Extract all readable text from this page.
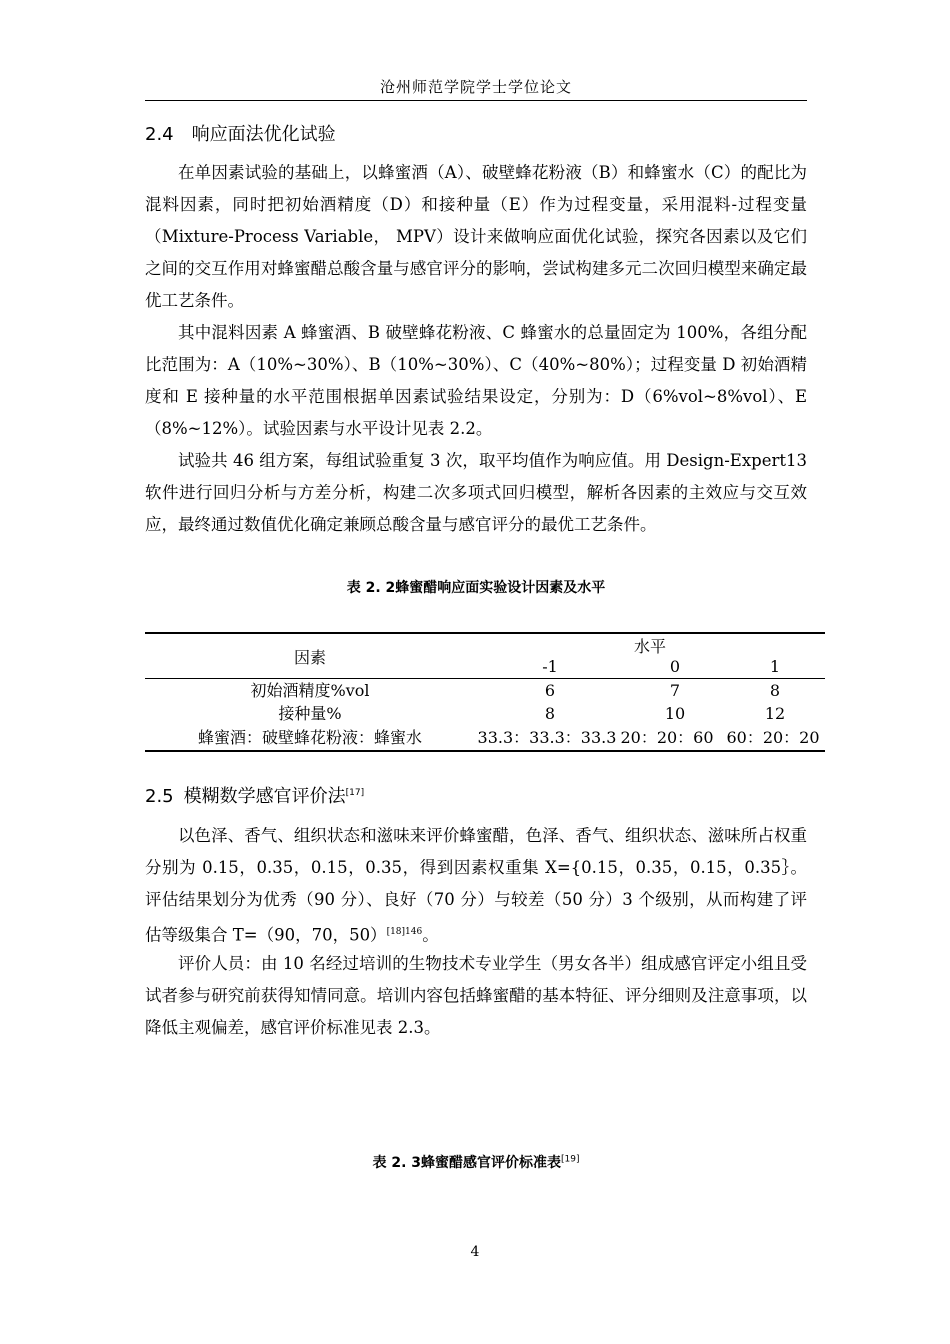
沧州师范学院学士学位论文
2.4 响应面法优化试验

在单因素试验的基础上，以蜂蜜酒（A）、破壁蜂花粉液（B）和蜂蜜水（C）的配比为混料因素，同时把初始酒精度（D）和接种量（E）作为过程变量，采用混料-过程变量（Mixture-Process Variable， MPV）设计来做响应面优化试验，探究各因素以及它们之间的交互作用对蜂蜜醋总酸含量与感官评分的影响，尝试构建多元二次回归模型来确定最优工艺条件。

其中混料因素 A 蜂蜜酒、B 破壁蜂花粉液、C 蜂蜜水的总量固定为 100%，各组分配比范围为：A（10%~30%）、B（10%~30%）、C（40%~80%）；过程变量 D 初始酒精度和 E 接种量的水平范围根据单因素试验结果设定，分别为：D（6%vol~8%vol）、E（8%~12%）。试验因素与水平设计见表 2.2。

试验共 46 组方案，每组试验重复 3 次，取平均值作为响应值。用 Design-Expert13 软件进行回归分析与方差分析，构建二次多项式回归模型，解析各因素的主效应与交互效应，最终通过数值优化确定兼顾总酸含量与感官评分的最优工艺条件。

表 2. 2蜂蜜醋响应面实验设计因素及水平
因素
水平
-1	0	1
初始酒精度%vol	6	7	8
接种量%	8	10	12
蜂蜜酒：破壁蜂花粉液：蜂蜜水	33.3：33.3：33.3 20：20：60 60：20：20
2.5 模糊数学感官评价法[17]

以色泽、香气、组织状态和滋味来评价蜂蜜醋，色泽、香气、组织状态、滋味所占权重分别为 0.15，0.35，0.15，0.35，得到因素权重集 X={0.15，0.35，0.15，0.35｝。评估结果划分为优秀（90 分）、良好（70 分）与较差（50 分）3 个级别，从而构建了评估等级集合 T=（90，70，50）$^{[18]146}$。

评价人员：由 10 名经过培训的生物技术专业学生（男女各半）组成感官评定小组且受试者参与研究前获得知情同意。培训内容包括蜂蜜醋的基本特征、评分细则及注意事项，以降低主观偏差，感官评价标准见表 2.3。

表 2. 3蜂蜜醋感官评价标准表[19]
4
